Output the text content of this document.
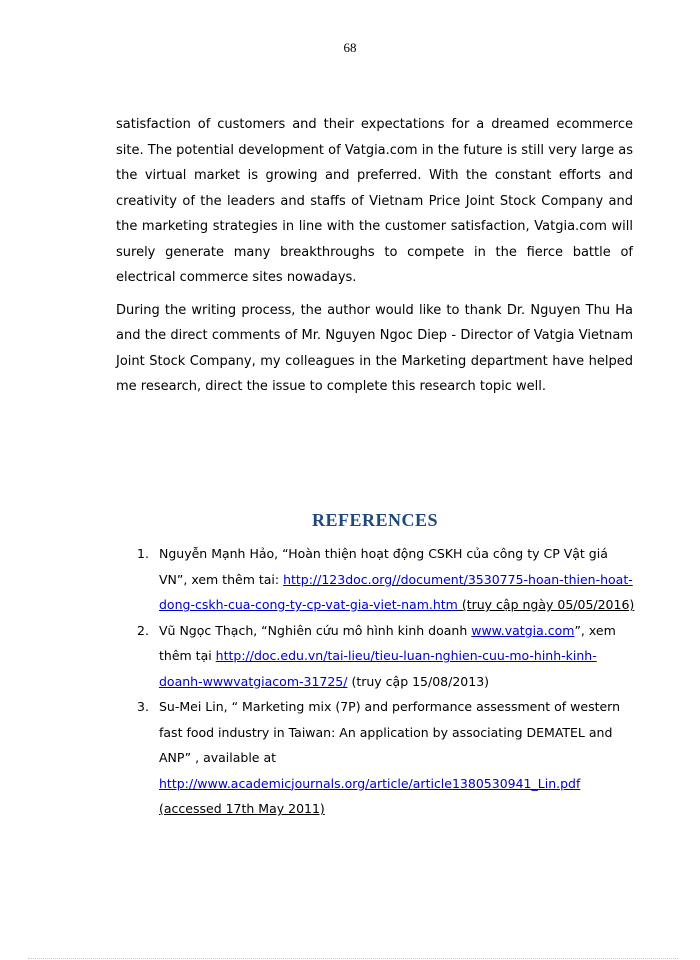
68

satisfaction of customers and their expectations for a dreamed ecommerce site. The potential development of Vatgia.com in the future is still very large as the virtual market is growing and preferred. With the constant efforts and creativity of the leaders and staffs of Vietnam Price Joint Stock Company and the marketing strategies in line with the customer satisfaction, Vatgia.com will surely generate many breakthroughs to compete in the fierce battle of electrical commerce sites nowadays.

During the writing process, the author would like to thank Dr. Nguyen Thu Ha and the direct comments of Mr. Nguyen Ngoc Diep - Director of Vatgia Vietnam Joint Stock Company, my colleagues in the Marketing department have helped me research, direct the issue to complete this research topic well.

REFERENCES
1. Nguyễn Mạnh Hảo, “Hoàn thiện hoạt động CSKH của công ty CP Vật giá VN”, xem thêm tai: http://123doc.org//document/3530775-hoan-thien-hoat-dong-cskh-cua-cong-ty-cp-vat-gia-viet-nam.htm (truy cập ngày 05/05/2016)
2. Vũ Ngọc Thạch, “Nghiên cứu mô hình kinh doanh www.vatgia.com”, xem thêm tại http://doc.edu.vn/tai-lieu/tieu-luan-nghien-cuu-mo-hinh-kinh-doanh-wwwvatgiacom-31725/ (truy cập 15/08/2013)
3. Su-Mei Lin, “ Marketing mix (7P) and performance assessment of western fast food industry in Taiwan: An application by associating DEMATEL and ANP” , available at
http://www.academicjournals.org/article/article1380530941_Lin.pdf
(accessed 17th May 2011)
